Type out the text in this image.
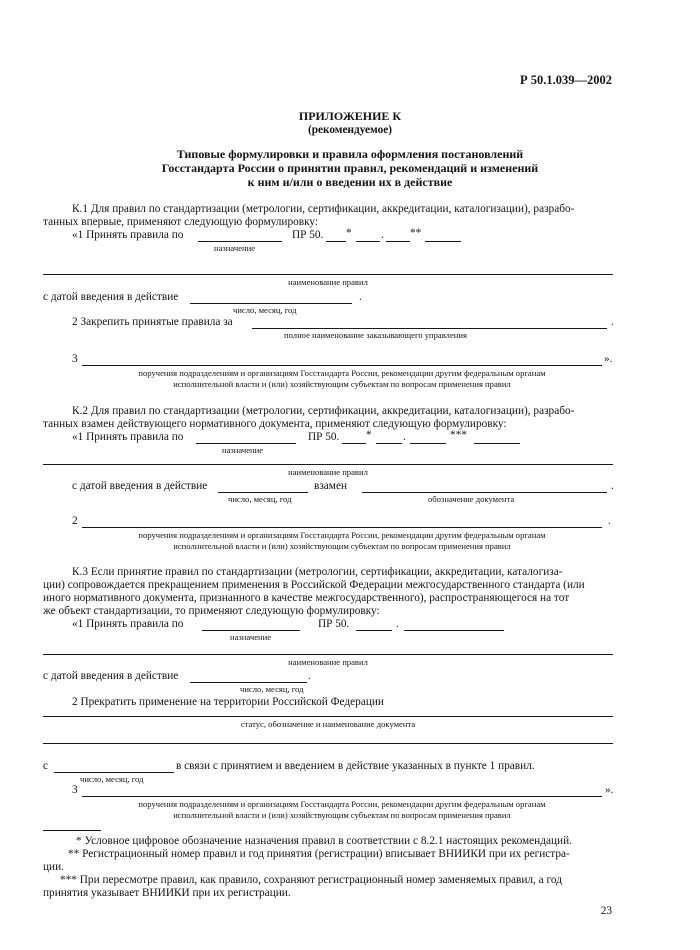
Р 50.1.039—2002
ПРИЛОЖЕНИЕ К
(рекомендуемое)
Типовые формулировки и правила оформления постановлений
Госстандарта России о принятии правил, рекомендаций и изменений
к ним и/или о введении их в действие
К.1 Для правил по стандартизации (метрологии, сертификации, аккредитации, каталогизации), разрабо-
танных впервые, применяют следующую формулировку:
«1 Принять правила по	ПР 50. *	. **
назначение
наименование правил
с датой введения в действие	.
число, месяц, год
2 Закрепить принятые правила за	.
полное наименование заказывающего управления
3	».
поручения подразделениям и организациям Госстандарта России, рекомендации другим федеральным органам
исполнительной власти и (или) хозяйствующим субъектам по вопросам применения правил
К.2 Для правил по стандартизации (метрологии, сертификации, аккредитации, каталогизации), разрабо-
танных взамен действующего нормативного документа, применяют следующую формулировку:
«1 Принять правила по	ПР 50. *	.	***
назначение
наименование правил
с датой введения в действие	взамен	.
число, месяц, год	обозначение документа
2	.
поручения подразделениям и организациям Госстандарта России, рекомендации другим федеральным органам
исполнительной власти и (или) хозяйствующим субъектам по вопросам применения правил
К.3 Если принятие правил по стандартизации (метрологии, сертификации, аккредитации, каталогиза-
ции) сопровождается прекращением применения в Российской Федерации межгосударственного стандарта (или
иного нормативного документа, признанного в качестве межгосударственного), распространяющегося на тот
же объект стандартизации, то применяют следующую формулировку:
«1 Принять правила по	ПР 50.	.
назначение
наименование правил
с датой введения в действие	.
число, месяц, год
2 Прекратить применение на территории Российской Федерации
статус, обозначение и наименование документа
с	в связи с принятием и введением в действие указанных в пункте 1 правил.
число, месяц, год
3	».
поручения подразделениям и организациям Госстандарта России, рекомендации другим федеральным органам
исполнительной власти и (или) хозяйствующим субъектам по вопросам применения правил
* Условное цифровое обозначение назначения правил в соответствии с 8.2.1 настоящих рекомендаций.
** Регистрационный номер правил и год принятия (регистрации) вписывает ВНИИКИ при их регистра-
ции.
*** При пересмотре правил, как правило, сохраняют регистрационный номер заменяемых правил, а год
принятия указывает ВНИИКИ при их регистрации.
23
